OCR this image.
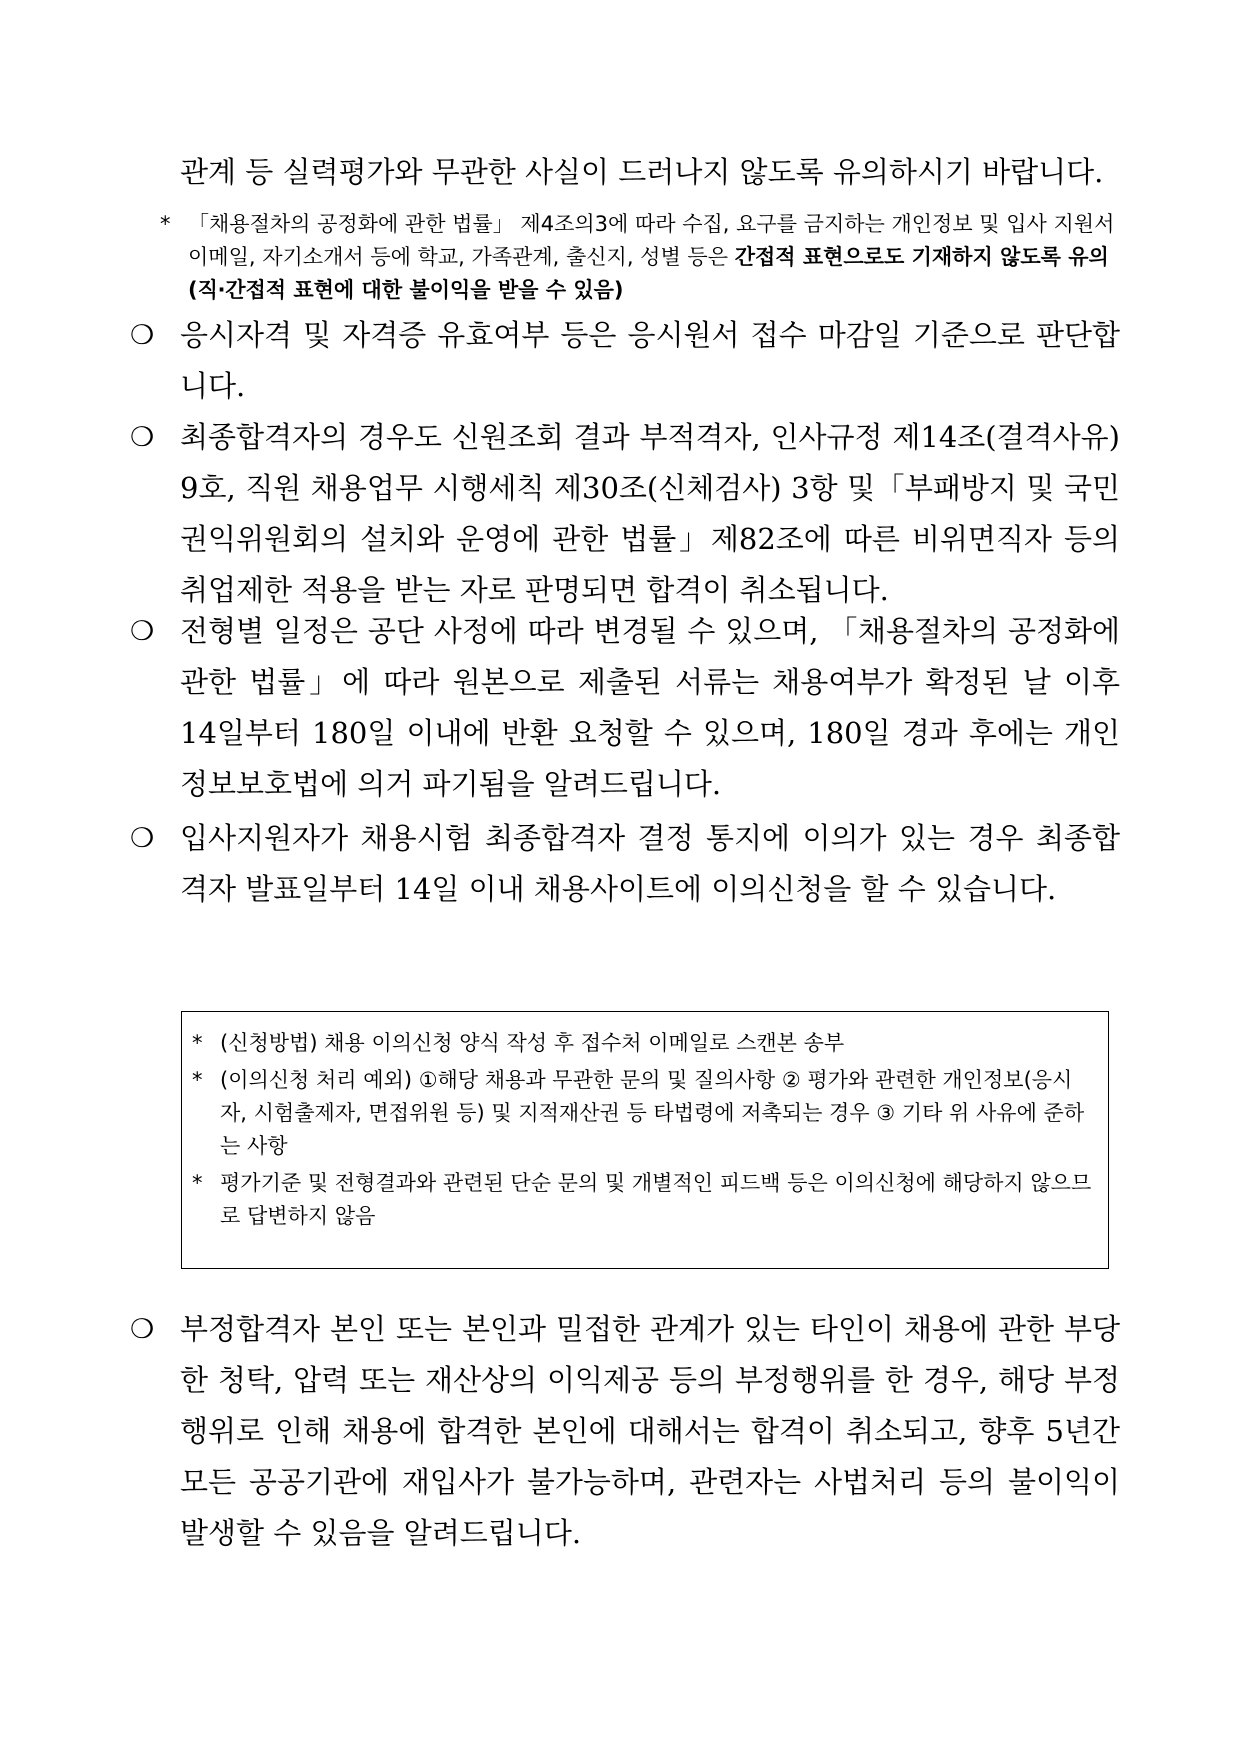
관계 등 실력평가와 무관한 사실이 드러나지 않도록 유의하시기 바랍니다.
* 「채용절차의 공정화에 관한 법률」 제4조의3에 따라 수집, 요구를 금지하는 개인정보 및 입사 지원서 이메일, 자기소개서 등에 학교, 가족관계, 출신지, 성별 등은 간접적 표현으로도 기재하지 않도록 유의 (직‧간접적 표현에 대한 불이익을 받을 수 있음)
❍ 응시자격 및 자격증 유효여부 등은 응시원서 접수 마감일 기준으로 판단합니다.
❍ 최종합격자의 경우도 신원조회 결과 부적격자, 인사규정 제14조(결격사유) 9호, 직원 채용업무 시행세칙 제30조(신체검사) 3항 및「부패방지 및 국민권익위원회의 설치와 운영에 관한 법률」제82조에 따른 비위면직자 등의 취업제한 적용을 받는 자로 판명되면 합격이 취소됩니다.
❍ 전형별 일정은 공단 사정에 따라 변경될 수 있으며, 「채용절차의 공정화에 관한 법률」에 따라 원본으로 제출된 서류는 채용여부가 확정된 날 이후 14일부터 180일 이내에 반환 요청할 수 있으며, 180일 경과 후에는 개인정보보호법에 의거 파기됨을 알려드립니다.
❍ 입사지원자가 채용시험 최종합격자 결정 통지에 이의가 있는 경우 최종합격자 발표일부터 14일 이내 채용사이트에 이의신청을 할 수 있습니다.
* (신청방법) 채용 이의신청 양식 작성 후 접수처 이메일로 스캔본 송부
* (이의신청 처리 예외) ①해당 채용과 무관한 문의 및 질의사항 ② 평가와 관련한 개인정보(응시자, 시험출제자, 면접위원 등) 및 지적재산권 등 타법령에 저촉되는 경우 ③ 기타 위 사유에 준하는 사항
* 평가기준 및 전형결과와 관련된 단순 문의 및 개별적인 피드백 등은 이의신청에 해당하지 않으므로 답변하지 않음
❍ 부정합격자 본인 또는 본인과 밀접한 관계가 있는 타인이 채용에 관한 부당한 청탁, 압력 또는 재산상의 이익제공 등의 부정행위를 한 경우, 해당 부정행위로 인해 채용에 합격한 본인에 대해서는 합격이 취소되고, 향후 5년간 모든 공공기관에 재입사가 불가능하며, 관련자는 사법처리 등의 불이익이 발생할 수 있음을 알려드립니다.
